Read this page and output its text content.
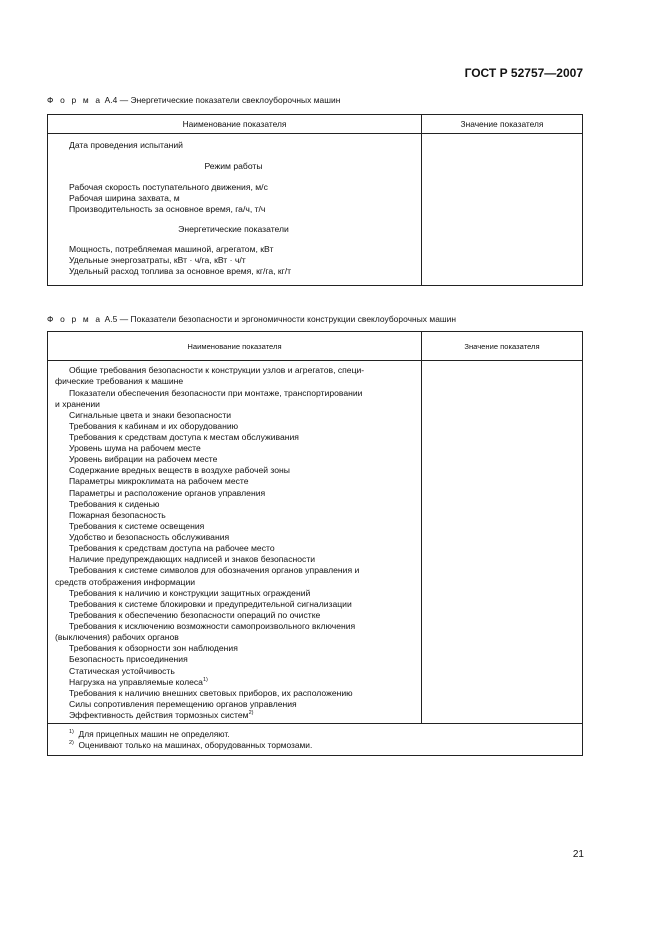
ГОСТ Р 52757—2007
Ф о р м а А.4 — Энергетические показатели свеклоуборочных машин
Наименование показателя	Значение показателя
Дата проведения испытаний
Режим работы
Рабочая скорость поступательного движения, м/с
Рабочая ширина захвата, м
Производительность за основное время, га/ч, т/ч
Энергетические показатели
Мощность, потребляемая машиной, агрегатом, кВт
Удельные энергозатраты, кВт · ч/га, кВт · ч/т
Удельный расход топлива за основное время, кг/га, кг/т
Ф о р м а А.5 — Показатели безопасности и эргономичности конструкции свеклоуборочных машин
Наименование показателя	Значение показателя
Общие требования безопасности к конструкции узлов и агрегатов, специ-
фические требования к машине
Показатели обеспечения безопасности при монтаже, транспортировании
и хранении
Сигнальные цвета и знаки безопасности
Требования к кабинам и их оборудованию
Требования к средствам доступа к местам обслуживания
Уровень шума на рабочем месте
Уровень вибрации на рабочем месте
Содержание вредных веществ в воздухе рабочей зоны
Параметры микроклимата на рабочем месте
Параметры и расположение органов управления
Требования к сиденью
Пожарная безопасность
Требования к системе освещения
Удобство и безопасность обслуживания
Требования к средствам доступа на рабочее место
Наличие предупреждающих надписей и знаков безопасности
Требования к системе символов для обозначения органов управления и
средств отображения информации
Требования к наличию и конструкции защитных ограждений
Требования к системе блокировки и предупредительной сигнализации
Требования к обеспечению безопасности операций по очистке
Требования к исключению возможности самопроизвольного включения
(выключения) рабочих органов
Требования к обзорности зон наблюдения
Безопасность присоединения
Статическая устойчивость
Нагрузка на управляемые колеса$^{1)}$
Требования к наличию внешних световых приборов, их расположению
Силы сопротивления перемещению органов управления
Эффективность действия тормозных систем$^{2)}$
$^{1)}$ Для прицепных машин не определяют.
$^{2)}$ Оценивают только на машинах, оборудованных тормозами.
21
